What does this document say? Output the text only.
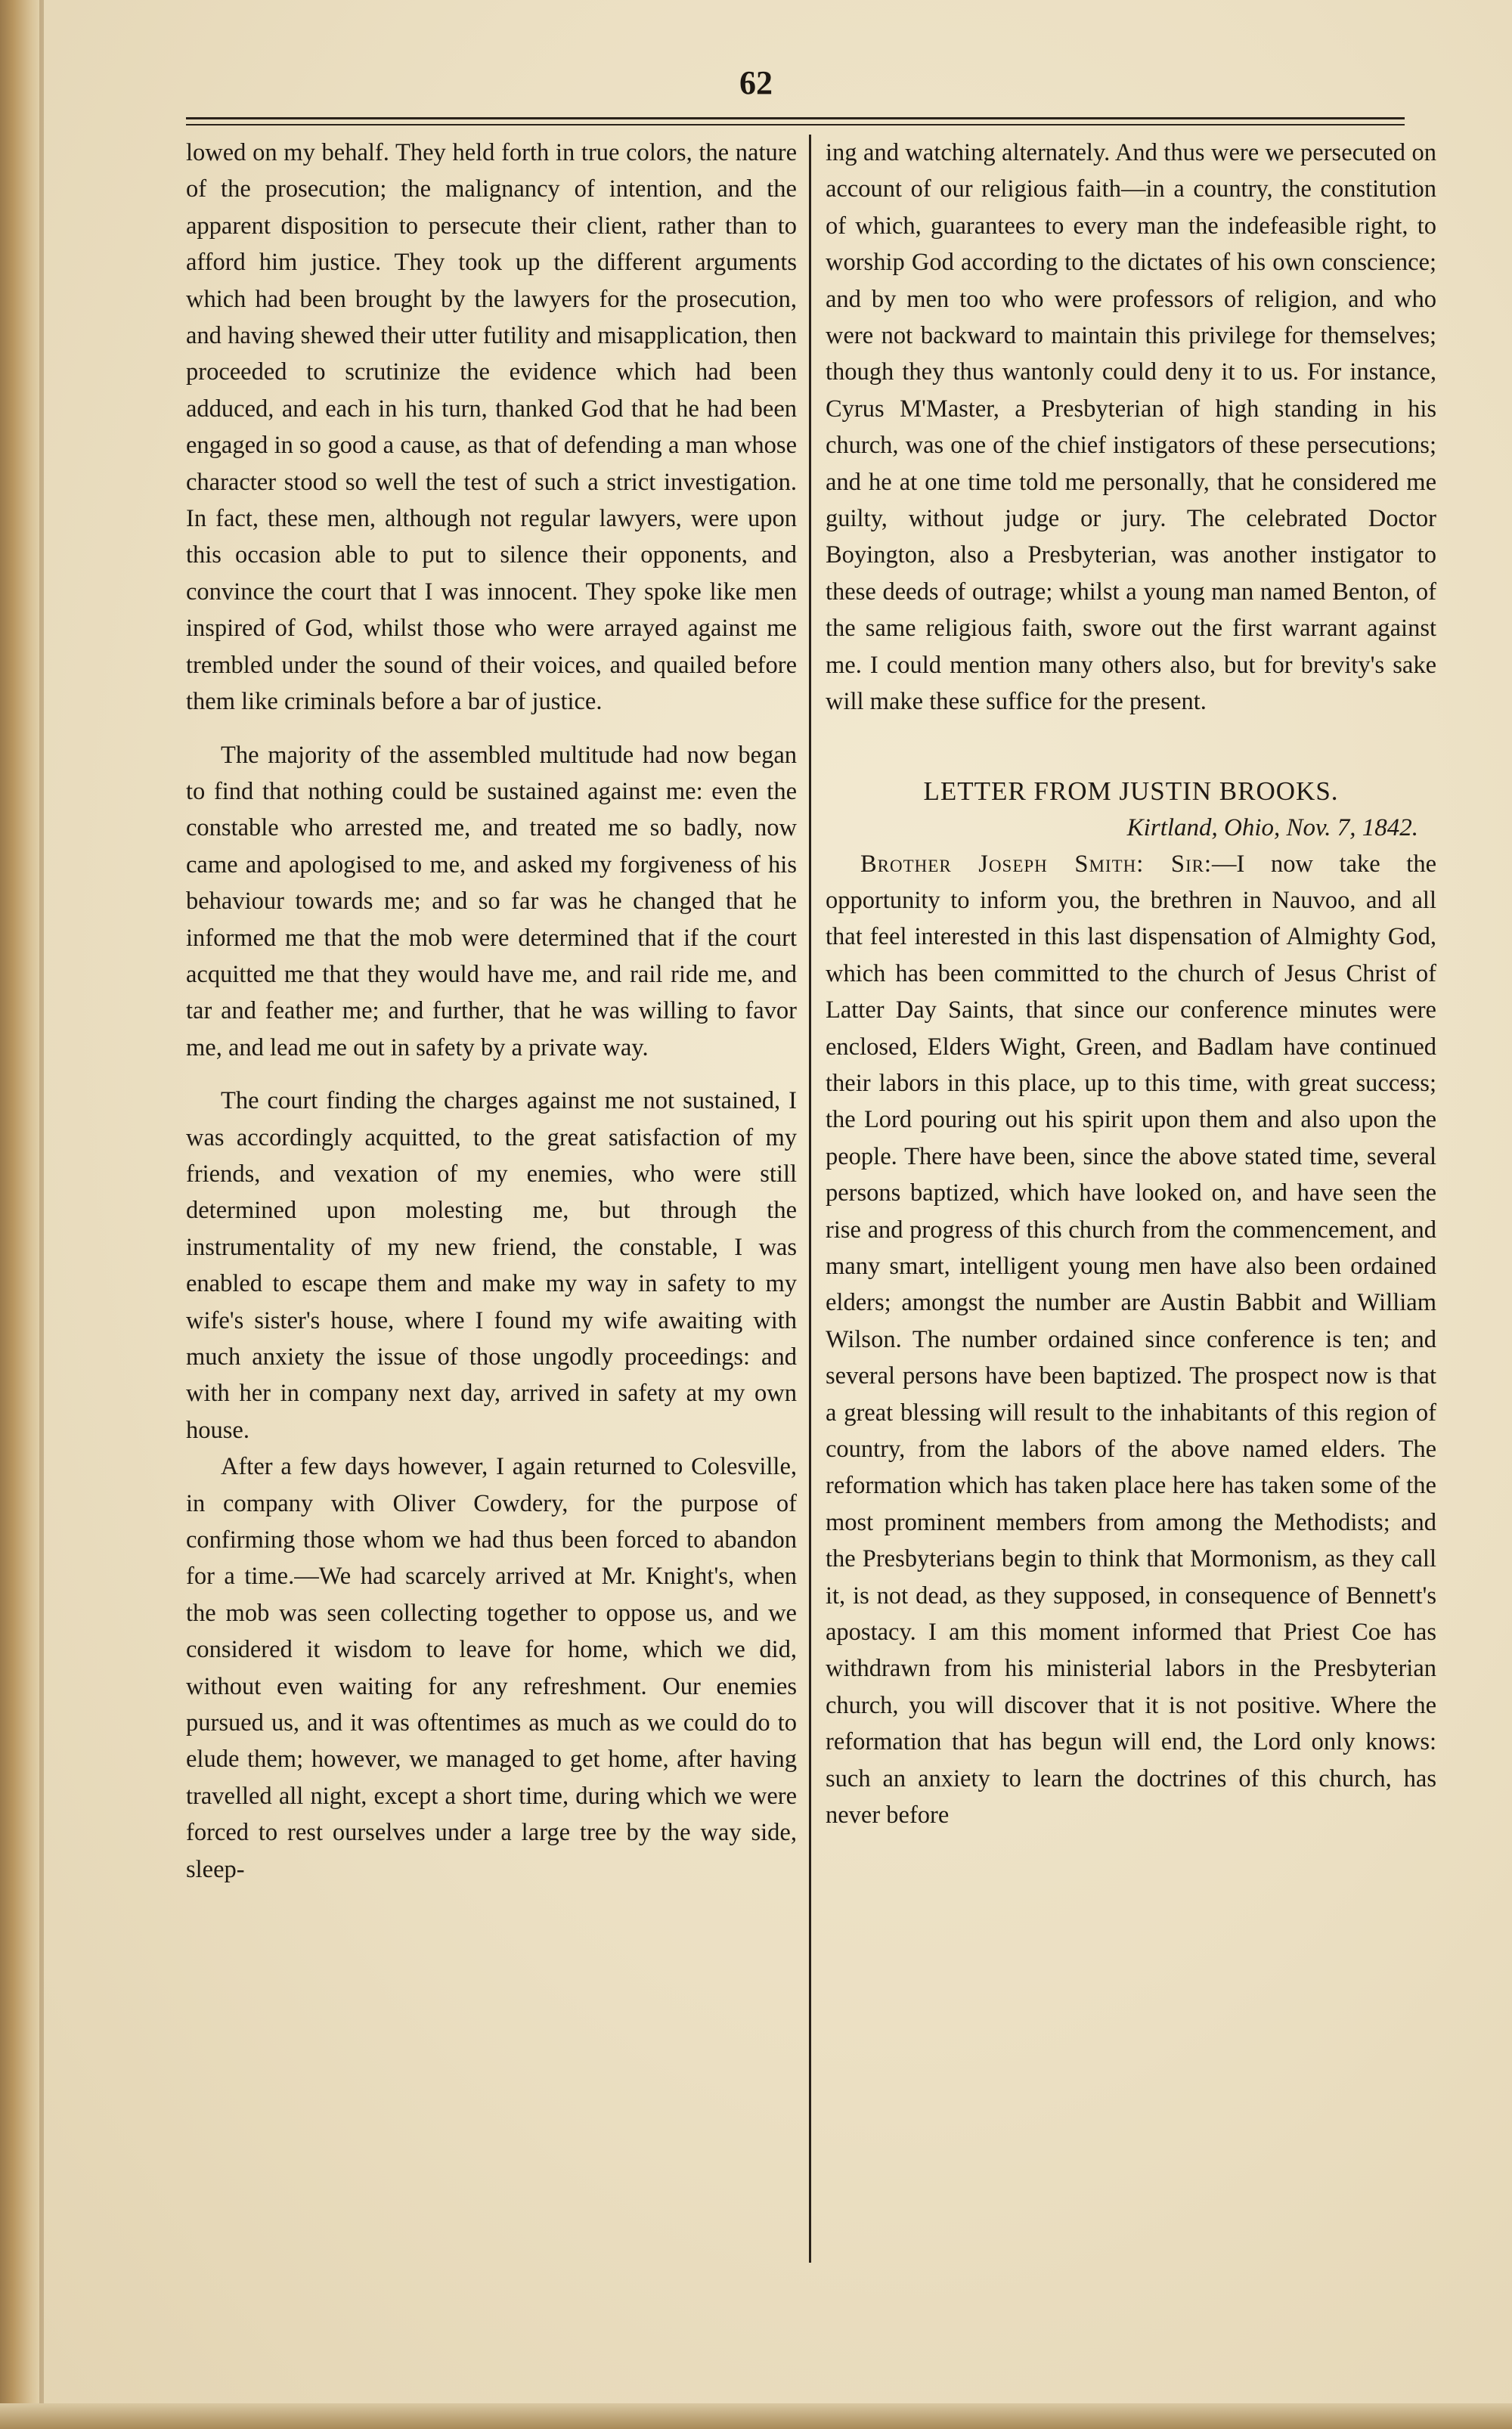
62

lowed on my behalf. They held forth in true colors, the nature of the prosecution; the malignancy of intention, and the apparent disposition to persecute their client, rather than to afford him justice. They took up the different arguments which had been brought by the lawyers for the prosecution, and having shewed their utter futility and misapplication, then proceeded to scrutinize the evidence which had been adduced, and each in his turn, thanked God that he had been engaged in so good a cause, as that of defending a man whose character stood so well the test of such a strict investigation. In fact, these men, although not regular lawyers, were upon this occasion able to put to silence their opponents, and convince the court that I was innocent. They spoke like men inspired of God, whilst those who were arrayed against me trembled under the sound of their voices, and quailed before them like criminals before a bar of justice.

The majority of the assembled multitude had now began to find that nothing could be sustained against me: even the constable who arrested me, and treated me so badly, now came and apologised to me, and asked my forgiveness of his behaviour towards me; and so far was he changed that he informed me that the mob were determined that if the court acquitted me that they would have me, and rail ride me, and tar and feather me; and further, that he was willing to favor me, and lead me out in safety by a private way.

The court finding the charges against me not sustained, I was accordingly acquitted, to the great satisfaction of my friends, and vexation of my enemies, who were still determined upon molesting me, but through the instrumentality of my new friend, the constable, I was enabled to escape them and make my way in safety to my wife's sister's house, where I found my wife awaiting with much anxiety the issue of those ungodly proceedings: and with her in company next day, arrived in safety at my own house.

After a few days however, I again returned to Colesville, in company with Oliver Cowdery, for the purpose of confirming those whom we had thus been forced to abandon for a time.—We had scarcely arrived at Mr. Knight's, when the mob was seen collecting together to oppose us, and we considered it wisdom to leave for home, which we did, without even waiting for any refreshment. Our enemies pursued us, and it was oftentimes as much as we could do to elude them; however, we managed to get home, after having travelled all night, except a short time, during which we were forced to rest ourselves under a large tree by the way side, sleep-

ing and watching alternately. And thus were we persecuted on account of our religious faith—in a country, the constitution of which, guarantees to every man the indefeasible right, to worship God according to the dictates of his own conscience; and by men too who were professors of religion, and who were not backward to maintain this privilege for themselves; though they thus wantonly could deny it to us. For instance, Cyrus M'Master, a Presbyterian of high standing in his church, was one of the chief instigators of these persecutions; and he at one time told me personally, that he considered me guilty, without judge or jury. The celebrated Doctor Boyington, also a Presbyterian, was another instigator to these deeds of outrage; whilst a young man named Benton, of the same religious faith, swore out the first warrant against me. I could mention many others also, but for brevity's sake will make these suffice for the present.

LETTER FROM JUSTIN BROOKS.
Kirtland, Ohio, Nov. 7, 1842.

Brother Joseph Smith: Sir:—I now take the opportunity to inform you, the brethren in Nauvoo, and all that feel interested in this last dispensation of Almighty God, which has been committed to the church of Jesus Christ of Latter Day Saints, that since our conference minutes were enclosed, Elders Wight, Green, and Badlam have continued their labors in this place, up to this time, with great success; the Lord pouring out his spirit upon them and also upon the people. There have been, since the above stated time, several persons baptized, which have looked on, and have seen the rise and progress of this church from the commencement, and many smart, intelligent young men have also been ordained elders; amongst the number are Austin Babbit and William Wilson. The number ordained since conference is ten; and several persons have been baptized. The prospect now is that a great blessing will result to the inhabitants of this region of country, from the labors of the above named elders. The reformation which has taken place here has taken some of the most prominent members from among the Methodists; and the Presbyterians begin to think that Mormonism, as they call it, is not dead, as they supposed, in consequence of Bennett's apostacy. I am this moment informed that Priest Coe has withdrawn from his ministerial labors in the Presbyterian church, you will discover that it is not positive. Where the reformation that has begun will end, the Lord only knows: such an anxiety to learn the doctrines of this church, has never before
